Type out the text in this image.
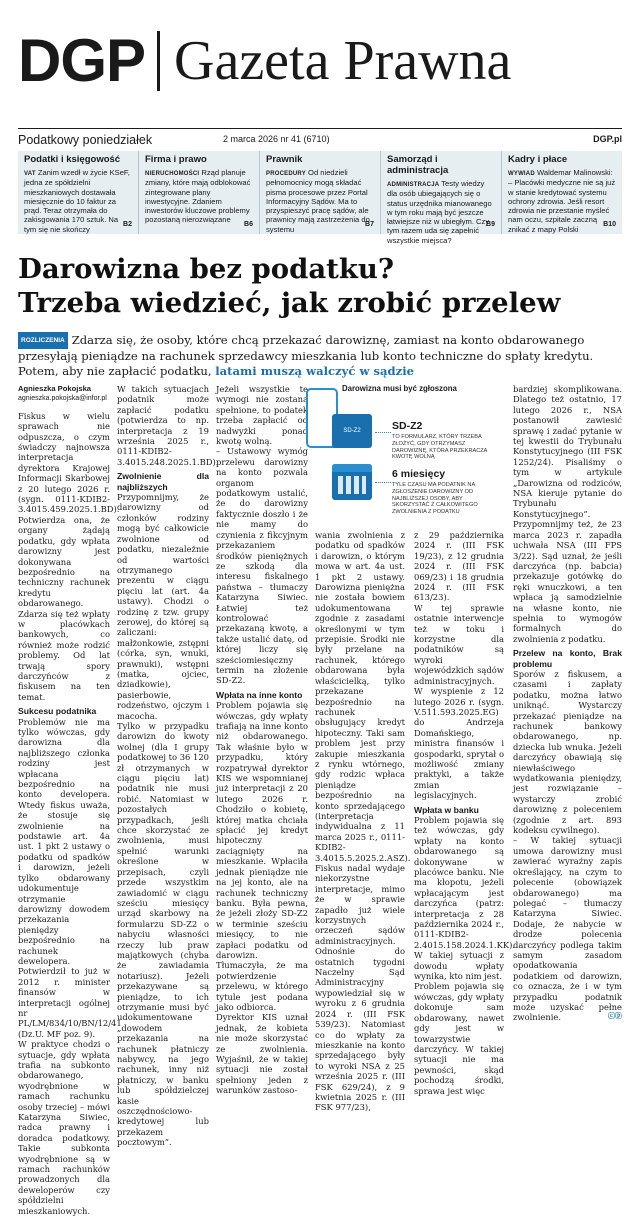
DGP Gazeta Prawna
Podatkowy poniedziałek	2 marca 2026 nr 41 (6710)	DGP.pl
Podatki i księgowość
VAT Zanim wzedł w życie KSeF, jedna ze spółdzielni mieszkaniowych dostawała miesięcznie do 10 faktur za prąd. Teraz otrzymała do zakisgowania 170 sztuk. Na tym się nie skończy
B2
Firma i prawo
NIERUCHOMOŚCI Rząd planuje zmiany, które mają odblokować zintegrowane plany inwestycyjne. Zdaniem inwestorów kluczowe problemy pozostaną nierozwiązane
B6
Prawnik
PROCEDURY Od niedzieli pełnomocnicy mogą składać pisma procesowe przez Portal Informacyjny Sądów. Ma to przyspieszyć pracę sądów, ale prawnicy mają zastrzeżenia do systemu
B7
Samorząd i administracja
ADMINISTRACJA Testy wiedzy dla osób ubiegających się o status urzędnika mianowanego w tym roku mają być jeszcze łatwiejsze niż w ubiegłym. Czy tym razem uda się zapełnić wszystkie miejsca?
B9
Kadry i płace
WYWIAD Waldemar Malinowski: – Placówki medyczne nie są już w stanie kredytować systemu ochrony zdrowia. Jeśli resort zdrowia nie przestanie myśleć nam oczu, szpitale zaczną znikać z mapy Polski
B10
Darowizna bez podatku?
Trzeba wiedzieć, jak zrobić przelew
ROZLICZENIA Zdarza się, że osoby, które chcą przekazać darowiznę, zamiast na konto obdarowanego przesyłają pieniądze na rachunek sprzedawcy mieszkania lub konto techniczne do spłaty kredytu. Potem, aby nie zapłacić podatku, latami muszą walczyć w sądzie
Agnieszka Pokojska
agnieszka.pokojska@infor.pl

Fiskus w wielu sprawach nie odpuszcza, o czym świadczy najnowsza interpretacja dyrektora Krajowej Informacji Skarbowej z 20 lutego 2026 r. (sygn. 0111-KDIB2-3.4015.459.2025.1.BD). Potwierdza ona, że organy żądają podatku, gdy wpłata darowizny jest dokonywana bezpośrednio na techniczny rachunek kredytu obdarowanego. Zdarza się też wpłaty w placówkach bankowych, co również może rodzić problemy. Od lat trwają spory darczyńców z fiskusem na ten temat.

Sukcesu podatnika

Problemów nie ma tylko wówczas, gdy darowizna dla najbliższego członka rodziny jest wpłacana bezpośrednio na konto developera. Wtedy fiskus uważa, że stosuje się zwolnienie na podstawie art. 4a ust. 1 pkt 2 ustawy o podatku od spadków i darowizn, jeżeli tylko obdarowany udokumentuje otrzymanie darowizny dowodem przekazania pieniędzy bezpośrednio na rachunek dewelopera. Potwierdził to już w 2012 r. minister finansów w interpretacji ogólnej nr PL/LM/834/10/BN/12/41 (Dz.U. MF poz. 9).

W praktyce chodzi o sytuacje, gdy wpłata trafia na subkonto obdarowanego, wyodrębnione w ramach rachunku osoby trzeciej – mówi Katarzyna Siwiec, radca prawny i doradca podatkowy. Takie subkonta wyodrębnione są w ramach rachunków prowadzonych dla deweloperów czy spółdzielni mieszkaniowych.

W takich sytuacjach podatnik może zapłacić podatku (potwierdza to np. interpretacja z 19 września 2025 r., 0111-KDIB2-3.4015.248.2025.1.BD).

Zwolnienie dla najbliższych

Przypomnijmy, że darowizny od członków rodziny mogą być całkowicie zwolnione od podatku, niezależnie od wartości otrzymanego prezentu w ciągu pięciu lat (art. 4a ustawy). Chodzi o rodzinę z tzw. grupy zerowej, do której są zaliczani: małżonkowie, zstępni (córka, syn, wnuki, prawnuki), wstępni (matka, ojciec, dziadkowie), pasierbowie, rodzeństwo, ojczym i macocha.

Tylko w przypadku darowizn do kwoty wolnej (dla I grupy podatkowej to 36 120 zł otrzymanych w ciągu pięciu lat) podatnik nie musi robić. Natomiast w pozostałych przypadkach, jeśli chce skorzystać ze zwolnienia, musi spełnić warunki określone w przepisach, czyli przede wszystkim zawiadomić w ciągu sześciu miesięcy urząd skarbowy na formularzu SD-Z2 o nabyciu własności rzeczy lub praw majątkowych (chyba że zawiadamia notariusz). Jeżeli przekazywane są pieniądze, to ich otrzymanie musi być udokumentowane „dowodem przekazania na rachunek płatniczy nabywcy, na jego rachunek, inny niż płatniczy, w banku lub spółdzielczej kasie oszczędnościowo-kredytowej lub przekazem pocztowym”.

Jeżeli wszystkie te wymogi nie zostaną spełnione, to podatek trzeba zapłacić od nadwyżki ponad kwotę wolną.

– Ustawowy wymóg przelewu darowizny na konto pozwala organom podatkowym ustalić, że do darowizny faktycznie doszło i że nie mamy do czynienia z fikcyjnym przekazaniem środków pieniężnych ze szkodą dla interesu fiskalnego państwa – tłumaczy Katarzyna Siwiec. Łatwiej też kontrolować przekazaną kwotę, a także ustalić datę, od której liczy się sześciomiesięczny termin na złożenie SD-Z2.

Wpłata na inne konto

Problem pojawia się wówczas, gdy wpłaty trafiają na inne konto niż obdarowanego. Tak właśnie było w przypadku, który rozpatrywał dyrektor KIS we wspomnianej już interpretacji z 20 lutego 2026 r. Chodziło o kobietę, której matka chciała spłacić jej kredyt hipoteczny zaciągnięty na mieszkanie. Wpłaciła jednak pieniądze nie na jej konto, ale na rachunek techniczny banku. Była pewna, że jeżeli złoży SD-Z2 w terminie sześciu miesięcy, to nie zapłaci podatku od darowizn. Tłumaczyła, że ma potwierdzenie przelewu, w którego tytule jest podana jako odbiorca.

Dyrektor KIS uznał jednak, że kobieta nie może skorzystać ze zwolnienia. Wyjaśnił, że w takiej sytuacji nie został spełniony jeden z warunków zastoso-

Darowizna musi być zgłoszona
SD-Z2	SD-Z2
TO FORMULARZ, KTÓRY TRZEBA ZŁOŻYĆ, GDY OTRZYMASZ DAROWIZNĘ, KTÓRA PRZEKRACZA KWOTĘ WOLNĄ
6 miesięcy
TYLE CZASU MA PODATNIK NA ZGŁOSZENIE DAROWIZNY OD NAJBLIŻSZEJ OSOBY, ABY SKORZYSTAĆ Z CAŁKOWITEGO ZWOLNIENIA Z PODATKU

wania zwolnienia z podatku od spadków i darowizn, o którym mowa w art. 4a ust. 1 pkt 2 ustawy. Darowizna pieniężna nie została bowiem udokumentowana zgodnie z zasadami określonymi w tym przepisie. Środki nie były przelane na rachunek, którego obdarowana była właścicielką, tylko przekazane bezpośrednio na rachunek obsługujący kredyt hipoteczny. Taki sam problem jest przy zakupie mieszkania z rynku wtórnego, gdy rodzic wpłaca pieniądze bezpośrednio na konto sprzedającego (interpretacja indywidualna z 11 marca 2025 r., 0111-KDIB2-3.4015.5.2025.2.ASZ).

Fiskus nadal wydaje niekorzystne interpretacje, mimo że w sprawie zapadło już wiele korzystnych orzeczeń sądów administracyjnych. Odnośnie do ostatnich tygodni Naczelny Sąd Administracyjny wypowiedział się w wyroku z 6 grudnia 2024 r. (III FSK 539/23). Natomiast co do wpłaty za mieszkanie na konto sprzedającego były to wyroki NSA z 25 września 2025 r. (III FSK 629/24), z 9 kwietnia 2025 r. (III FSK 977/23),

z 29 października 2024 r. (III FSK 19/23), z 12 grudnia 2024 r. (III FSK 069/23) i 18 grudnia 2024 r. (III FSK 613/23).

W tej sprawie ostatnie interwencje też w toku i korzystne dla podatników są wyroki wojewódzkich sądów administracyjnych. W wyspienie z 12 lutego 2026 r. (sygn. V.511.593.2025.EG) do Andrzeja Domańskiego, ministra finansów i gospodarki, sprytał o możliwość zmiany praktyki, a także zmian legislacyjnych.

Wpłata w banku

Problem pojawia się też wówczas, gdy wpłaty na konto obdarowanego są dokonywane w placówce banku. Nie ma kłopotu, jeżeli wpłacającym jest darczyńca (patrz: interpretacja z 28 października 2024 r., 0111-KDIB2-2.4015.158.2024.1.KK). W takiej sytuacji z dowodu wpłaty wynika, kto nim jest.

Problem pojawia się wówczas, gdy wpłaty dokonuje sam obdarowany, nawet gdy jest w towarzystwie darczyńcy. W takiej sytuacji nie ma pewności, skąd pochodzą środki, sprawa jest więc

bardziej skomplikowana. Dlatego też ostatnio, 17 lutego 2026 r., NSA postanowił zawiesić sprawę i zadać pytanie w tej kwestii do Trybunału Konstytucyjnego (III FSK 1252/24). Pisaliśmy o tym w artykule „Darowizna od rodziców, NSA kieruje pytanie do Trybunału Konstytucyjnego”.

Przypomnijmy też, że 23 marca 2023 r. zapadła uchwała NSA (III FPS 3/22). Sąd uznał, że jeśli darczyńca (np. babcia) przekazuje gotówkę do ręki wnuczkowi, a ten wpłaca ją samodzielnie na własne konto, nie spełnia to wymogów formalnych do zwolnienia z podatku.

Przelew na konto, Brak problemu

Sporów z fiskusem, a czasami i zapłaty podatku, można łatwo uniknąć. Wystarczy przekazać pieniądze na rachunek bankowy obdarowanego, np. dziecka lub wnuka. Jeżeli darczyńcy obawiają się niewłaściwego wydatkowania pieniędzy, jest rozwiązanie – wystarczy zrobić darowiznę z poleceniem (zgodnie z art. 893 kodeksu cywilnego).

– W takiej sytuacji umowa darowizny musi zawierać wyraźny zapis określający, na czym to polecenie (obowiązek obdarowanego) ma polegać – tłumaczy Katarzyna Siwiec. Dodaje, że nabycie w drodze polecenia darczyńcy podlega takim samym zasadom opodatkowania podatkiem od darowizn, co oznacza, że i w tym przypadku podatnik może uzyskać pełne zwolnienie.	ⓒⓟ
